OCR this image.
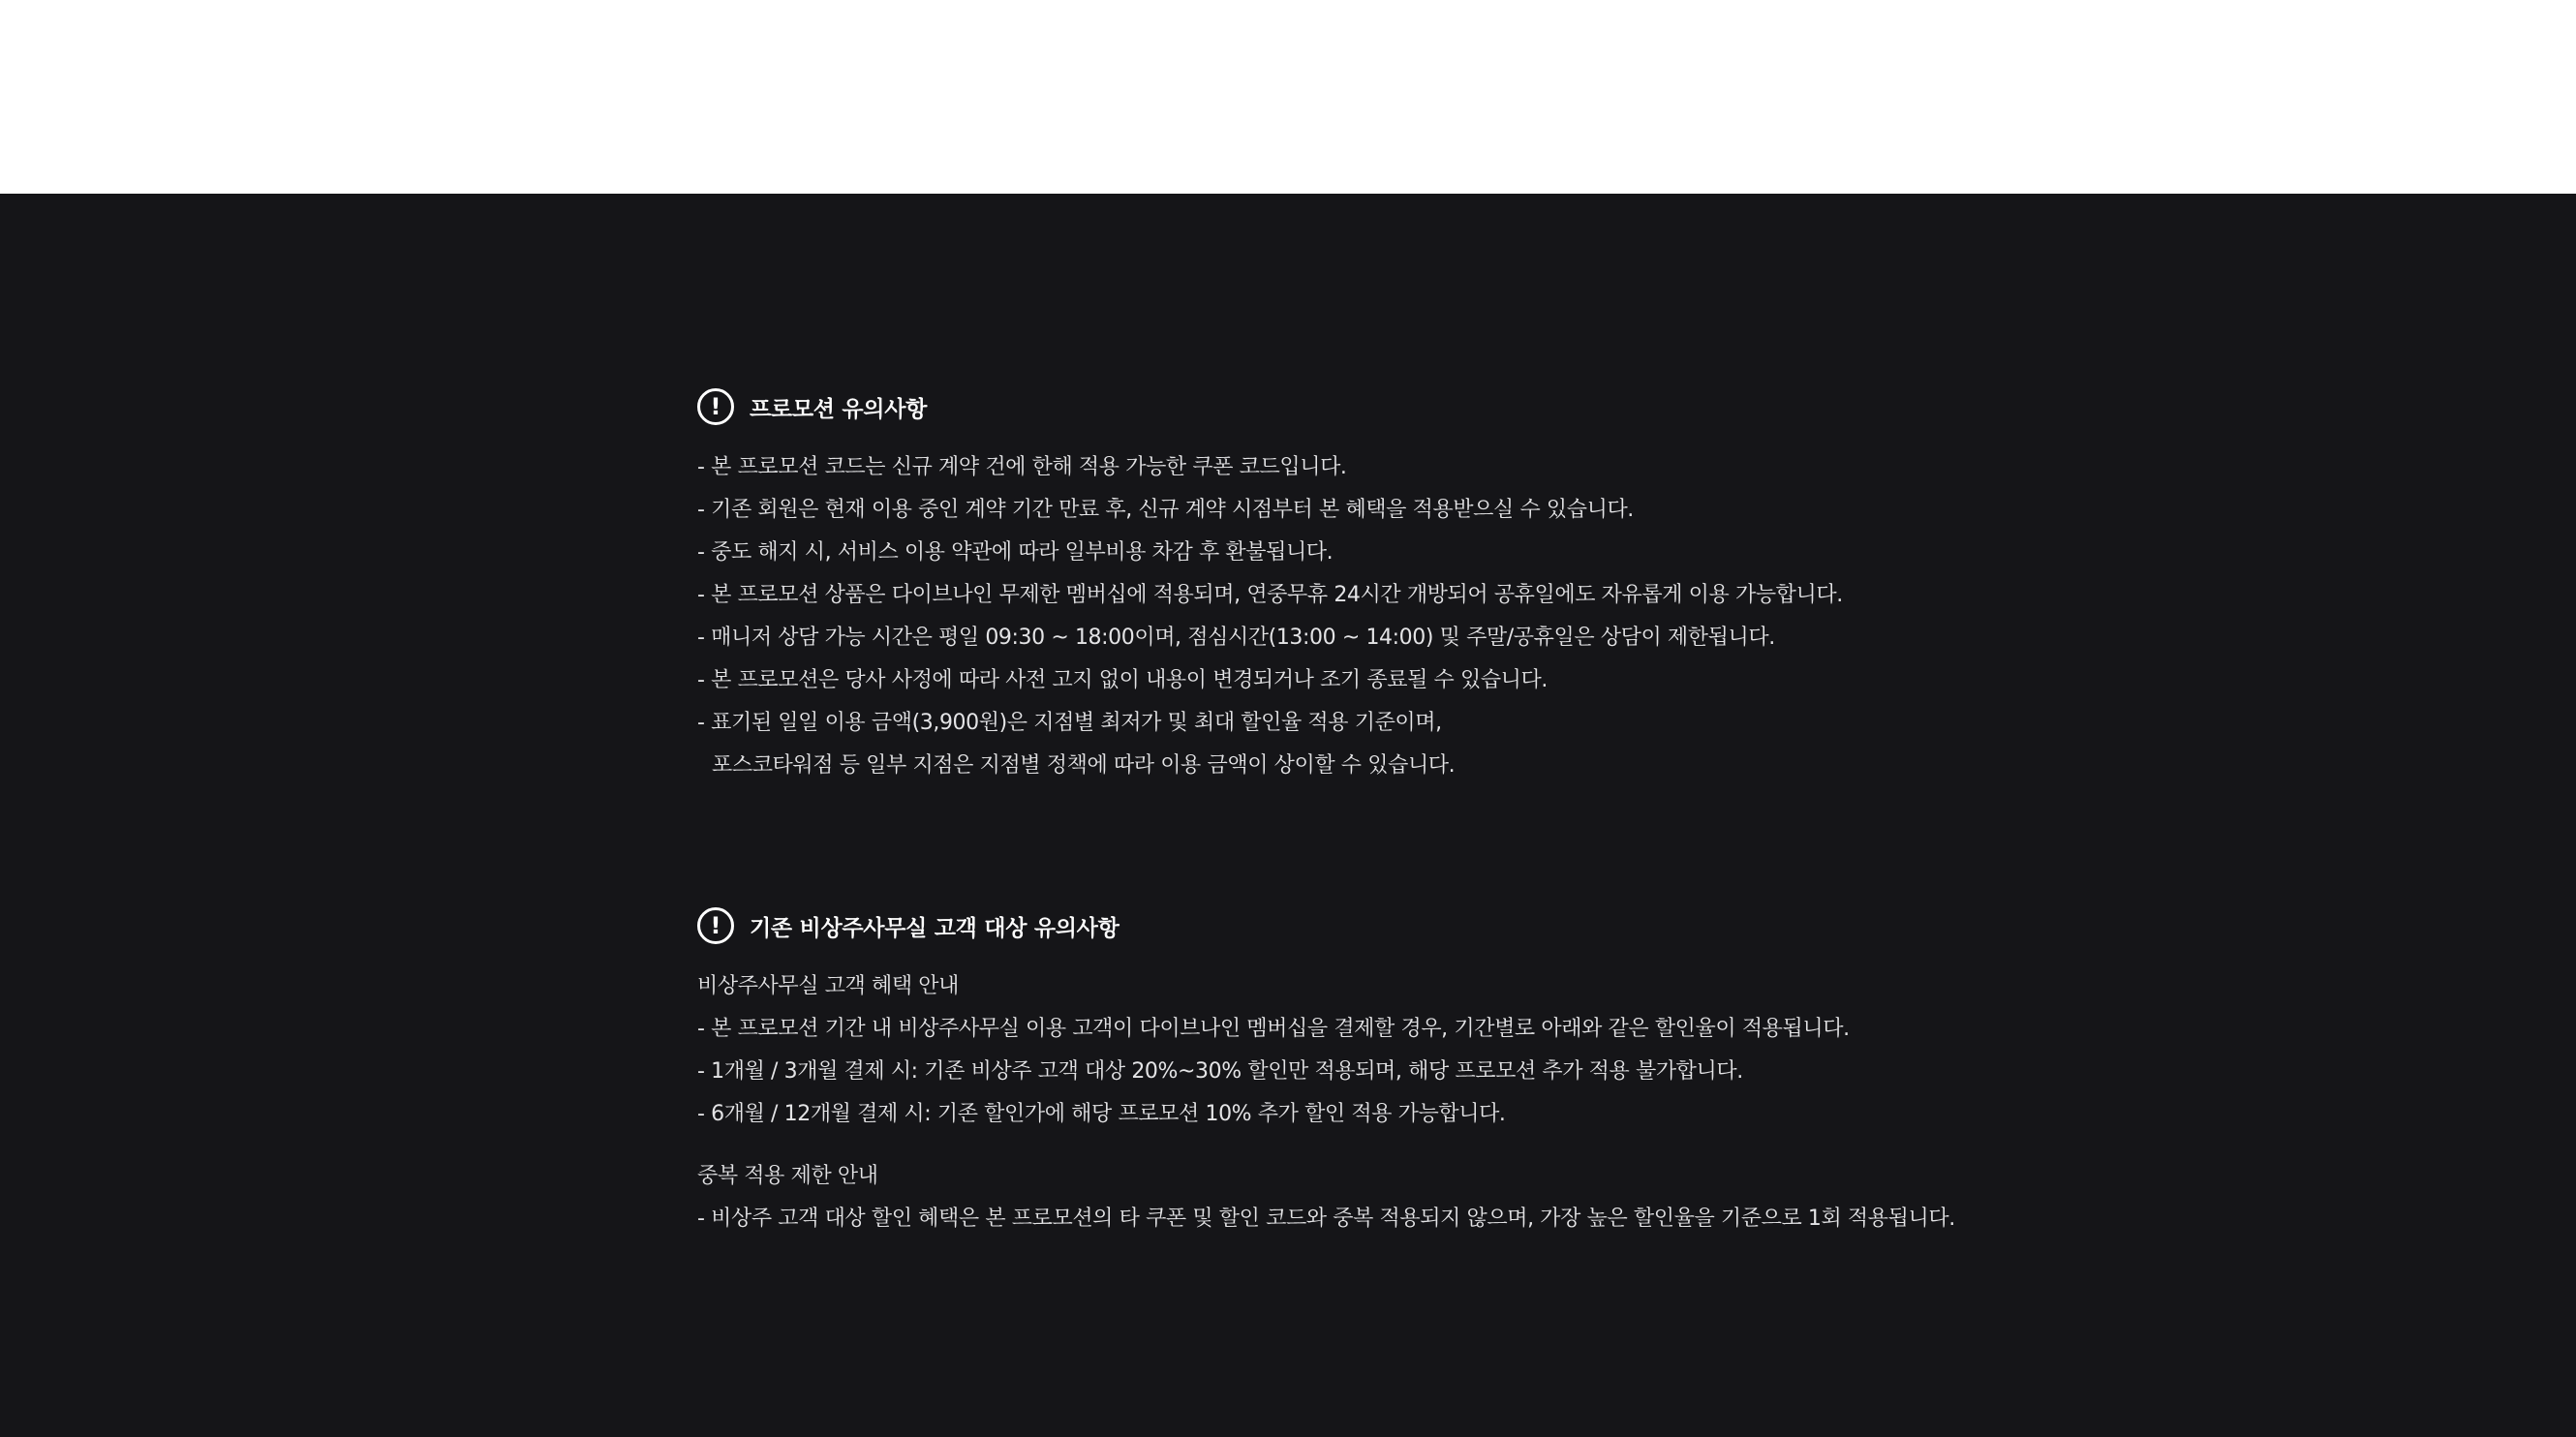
!	프로모션 유의사항
- 본 프로모션 코드는 신규 계약 건에 한해 적용 가능한 쿠폰 코드입니다.
- 기존 회원은 현재 이용 중인 계약 기간 만료 후, 신규 계약 시점부터 본 혜택을 적용받으실 수 있습니다.
- 중도 해지 시, 서비스 이용 약관에 따라 일부비용 차감 후 환불됩니다.
- 본 프로모션 상품은 다이브나인 무제한 멤버십에 적용되며, 연중무휴 24시간 개방되어 공휴일에도 자유롭게 이용 가능합니다.
- 매니저 상담 가능 시간은 평일 09:30 ~ 18:00이며, 점심시간(13:00 ~ 14:00) 및 주말/공휴일은 상담이 제한됩니다.
- 본 프로모션은 당사 사정에 따라 사전 고지 없이 내용이 변경되거나 조기 종료될 수 있습니다.
- 표기된 일일 이용 금액(3,900원)은 지점별 최저가 및 최대 할인율 적용 기준이며,
포스코타워점 등 일부 지점은 지점별 정책에 따라 이용 금액이 상이할 수 있습니다.
!	기존 비상주사무실 고객 대상 유의사항
비상주사무실 고객 혜택 안내
- 본 프로모션 기간 내 비상주사무실 이용 고객이 다이브나인 멤버십을 결제할 경우, 기간별로 아래와 같은 할인율이 적용됩니다.
- 1개월 / 3개월 결제 시: 기존 비상주 고객 대상 20%~30% 할인만 적용되며, 해당 프로모션 추가 적용 불가합니다.
- 6개월 / 12개월 결제 시: 기존 할인가에 해당 프로모션 10% 추가 할인 적용 가능합니다.
중복 적용 제한 안내
- 비상주 고객 대상 할인 혜택은 본 프로모션의 타 쿠폰 및 할인 코드와 중복 적용되지 않으며, 가장 높은 할인율을 기준으로 1회 적용됩니다.
